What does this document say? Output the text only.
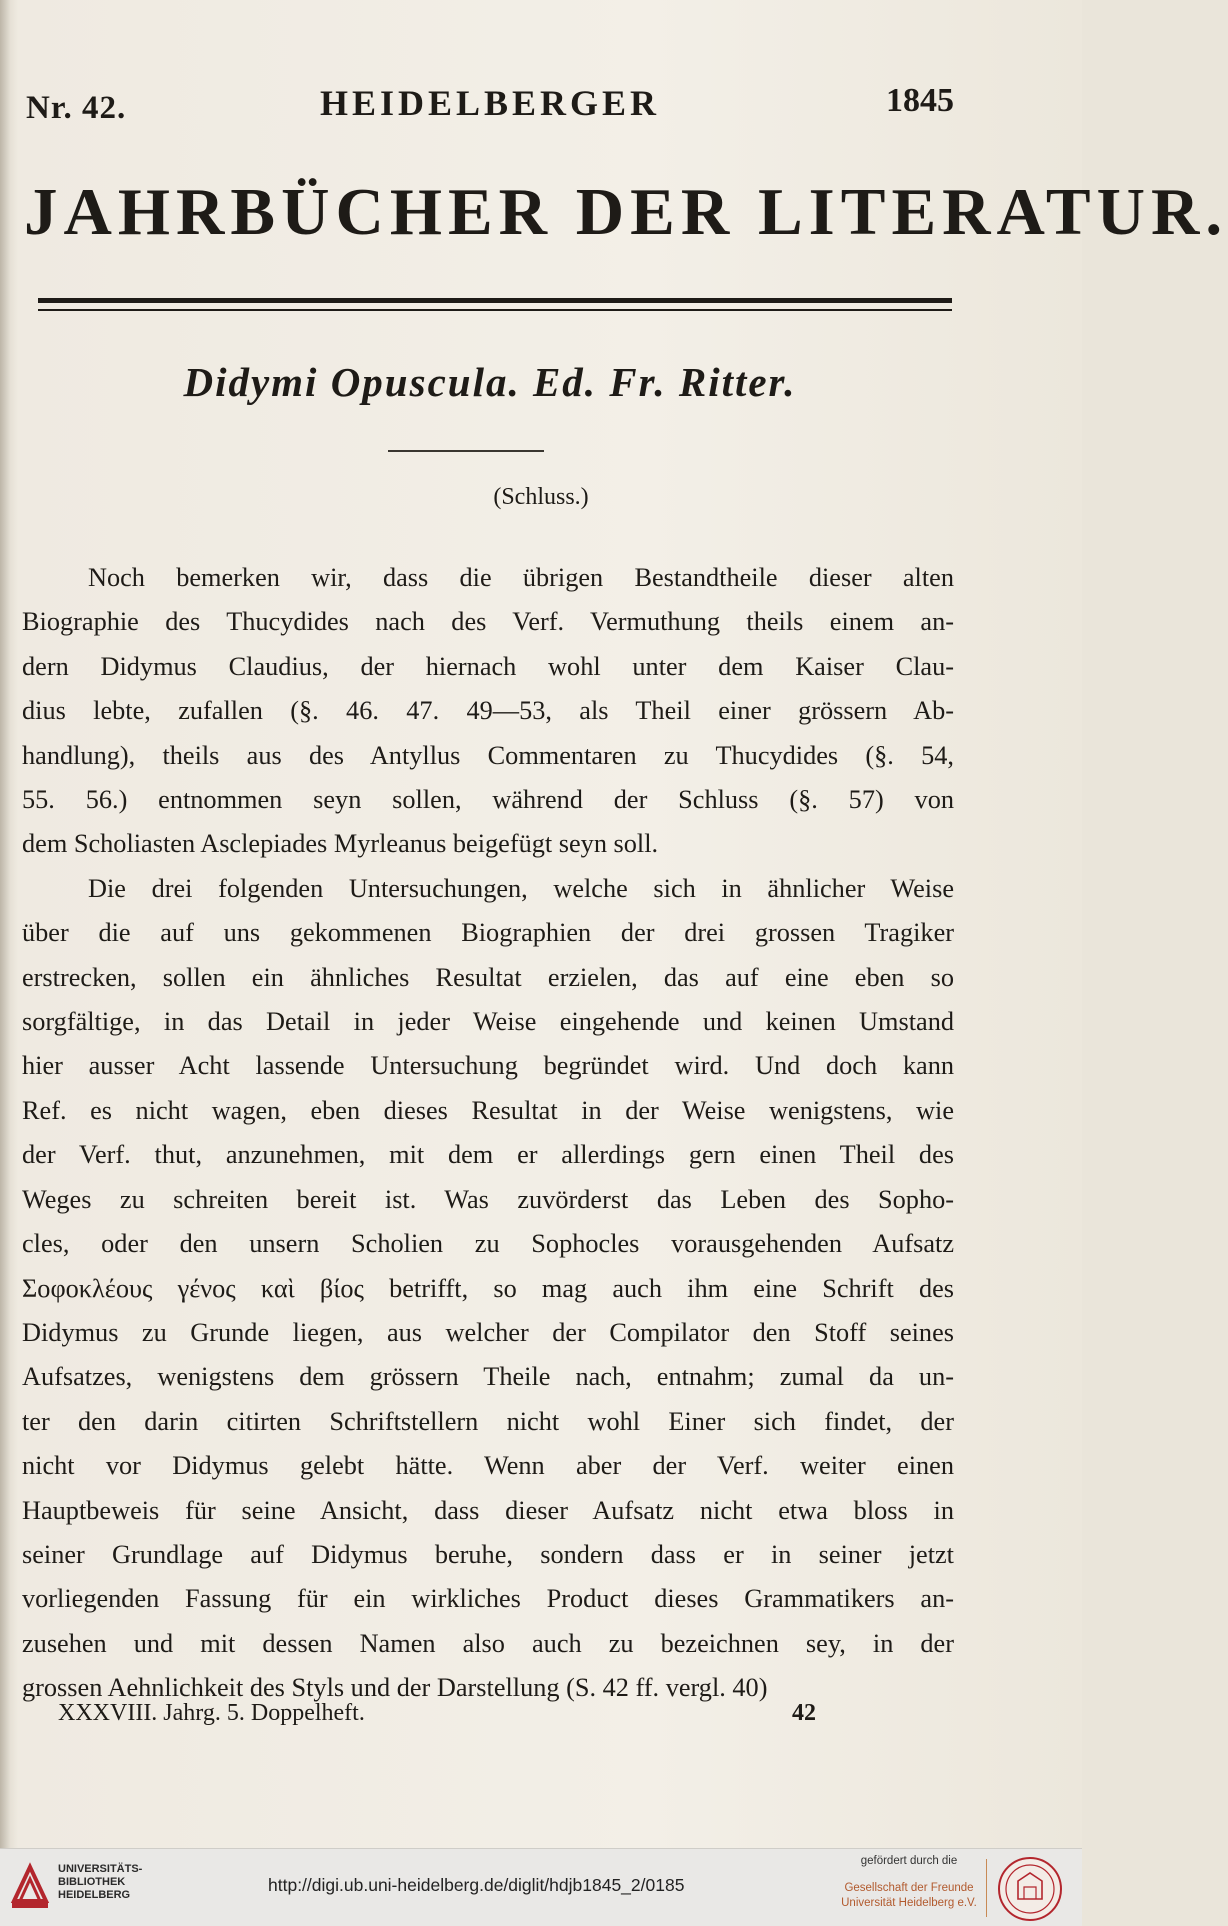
Nr. 42.	HEIDELBERGER	1845
JAHRBÜCHER DER LITERATUR.
Didymi Opuscula. Ed. Fr. Ritter.
(Schluss.)
Noch bemerken wir, dass die übrigen Bestandtheile dieser alten
Biographie des Thucydides nach des Verf. Vermuthung theils einem an-
dern Didymus Claudius, der hiernach wohl unter dem Kaiser Clau-
dius lebte, zufallen (§. 46. 47. 49—53, als Theil einer grössern Ab-
handlung), theils aus des Antyllus Commentaren zu Thucydides (§. 54,
55. 56.) entnommen seyn sollen, während der Schluss (§. 57) von
dem Scholiasten Asclepiades Myrleanus beigefügt seyn soll.
Die drei folgenden Untersuchungen, welche sich in ähnlicher Weise
über die auf uns gekommenen Biographien der drei grossen Tragiker
erstrecken, sollen ein ähnliches Resultat erzielen, das auf eine eben so
sorgfältige, in das Detail in jeder Weise eingehende und keinen Umstand
hier ausser Acht lassende Untersuchung begründet wird. Und doch kann
Ref. es nicht wagen, eben dieses Resultat in der Weise wenigstens, wie
der Verf. thut, anzunehmen, mit dem er allerdings gern einen Theil des
Weges zu schreiten bereit ist. Was zuvörderst das Leben des Sopho-
cles, oder den unsern Scholien zu Sophocles vorausgehenden Aufsatz
Σοφοκλέους γένος καὶ βίος betrifft, so mag auch ihm eine Schrift des
Didymus zu Grunde liegen, aus welcher der Compilator den Stoff seines
Aufsatzes, wenigstens dem grössern Theile nach, entnahm; zumal da un-
ter den darin citirten Schriftstellern nicht wohl Einer sich findet, der
nicht vor Didymus gelebt hätte. Wenn aber der Verf. weiter einen
Hauptbeweis für seine Ansicht, dass dieser Aufsatz nicht etwa bloss in
seiner Grundlage auf Didymus beruhe, sondern dass er in seiner jetzt
vorliegenden Fassung für ein wirkliches Product dieses Grammatikers an-
zusehen und mit dessen Namen also auch zu bezeichnen sey, in der
grossen Aehnlichkeit des Styls und der Darstellung (S. 42 ff. vergl. 40)
XXXVIII. Jahrg. 5. Doppelheft.	42
UNIVERSITÄTS-
BIBLIOTHEK
HEIDELBERG	http://digi.ub.uni-heidelberg.de/diglit/hdjb1845_2/0185
gefördert durch die
Gesellschaft der Freunde
Universität Heidelberg e.V.
